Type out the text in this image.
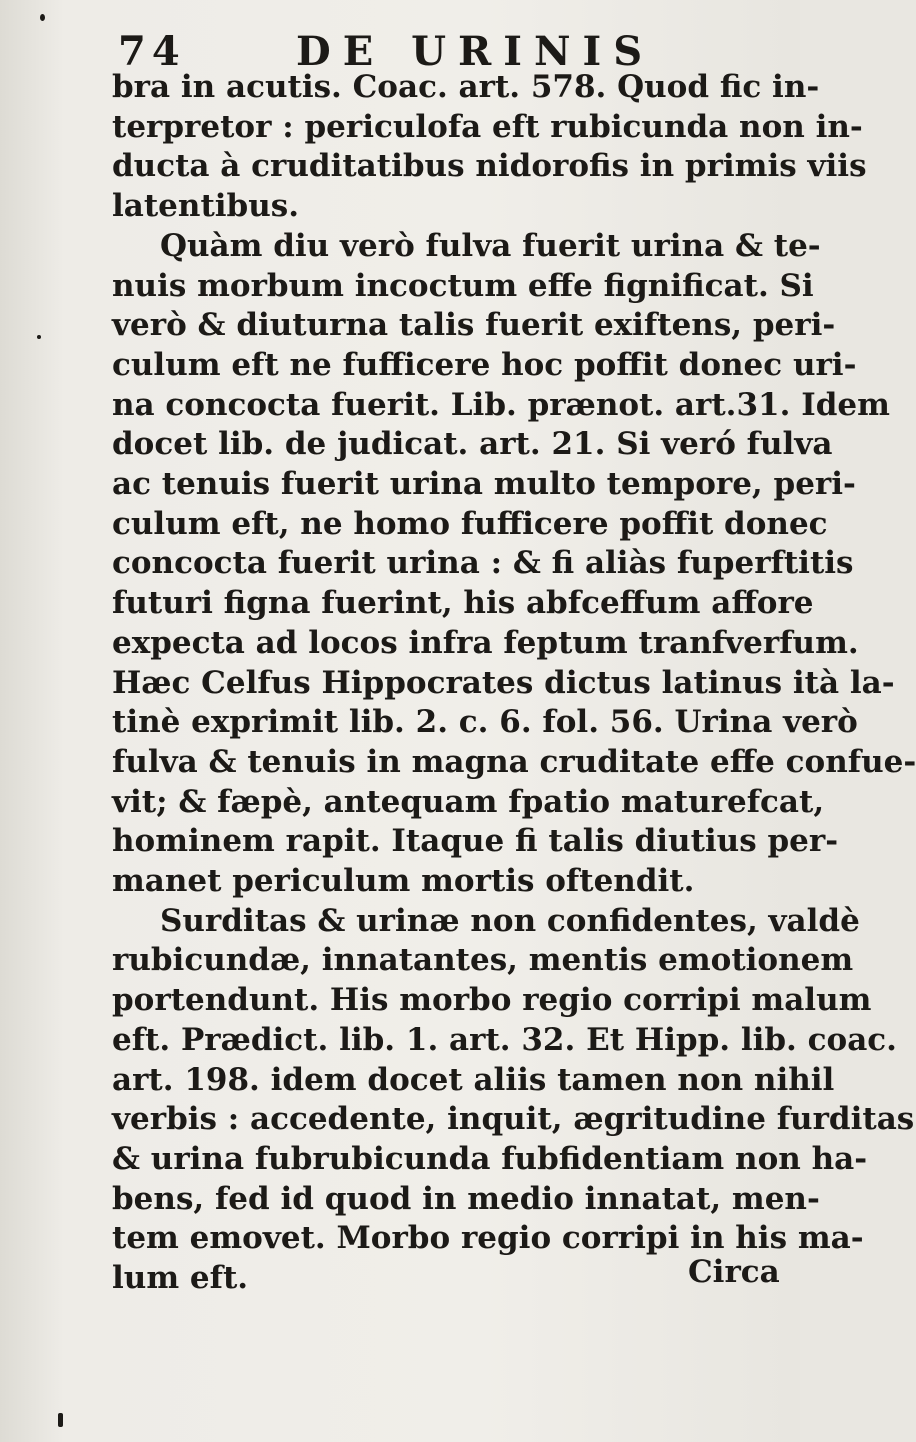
74	DE URINIS
bra in acutis. Coac. art. 578. Quod fic in-
terpretor : periculofa eft rubicunda non in-
ducta à cruditatibus nidorofis in primis viis
latentibus.
Quàm diu verò fulva fuerit urina & te-
nuis morbum incoctum effe fignificat. Si
verò & diuturna talis fuerit exiftens, peri-
culum eft ne fufficere hoc poffit donec uri-
na concocta fuerit. Lib. prænot. art.31. Idem
docet lib. de judicat. art. 21. Si veró fulva
ac tenuis fuerit urina multo tempore, peri-
culum eft, ne homo fufficere poffit donec
concocta fuerit urina : & fi aliàs fuperftitis
futuri figna fuerint, his abfceffum affore
expecta ad locos infra feptum tranfverfum.
Hæc Celfus Hippocrates dictus latinus ità la-
tinè exprimit lib. 2. c. 6. fol. 56. Urina verò
fulva & tenuis in magna cruditate effe confue-
vit; & fæpè, antequam fpatio maturefcat,
hominem rapit. Itaque fi talis diutius per-
manet periculum mortis oftendit.
Surditas & urinæ non confidentes, valdè
rubicundæ, innatantes, mentis emotionem
portendunt. His morbo regio corripi malum
eft. Prædict. lib. 1. art. 32. Et Hipp. lib. coac.
art. 198. idem docet aliis tamen non nihil
verbis : accedente, inquit, ægritudine furditas
& urina fubrubicunda fubfidentiam non ha-
bens, fed id quod in medio innatat, men-
tem emovet. Morbo regio corripi in his ma-
lum eft.	Circa
